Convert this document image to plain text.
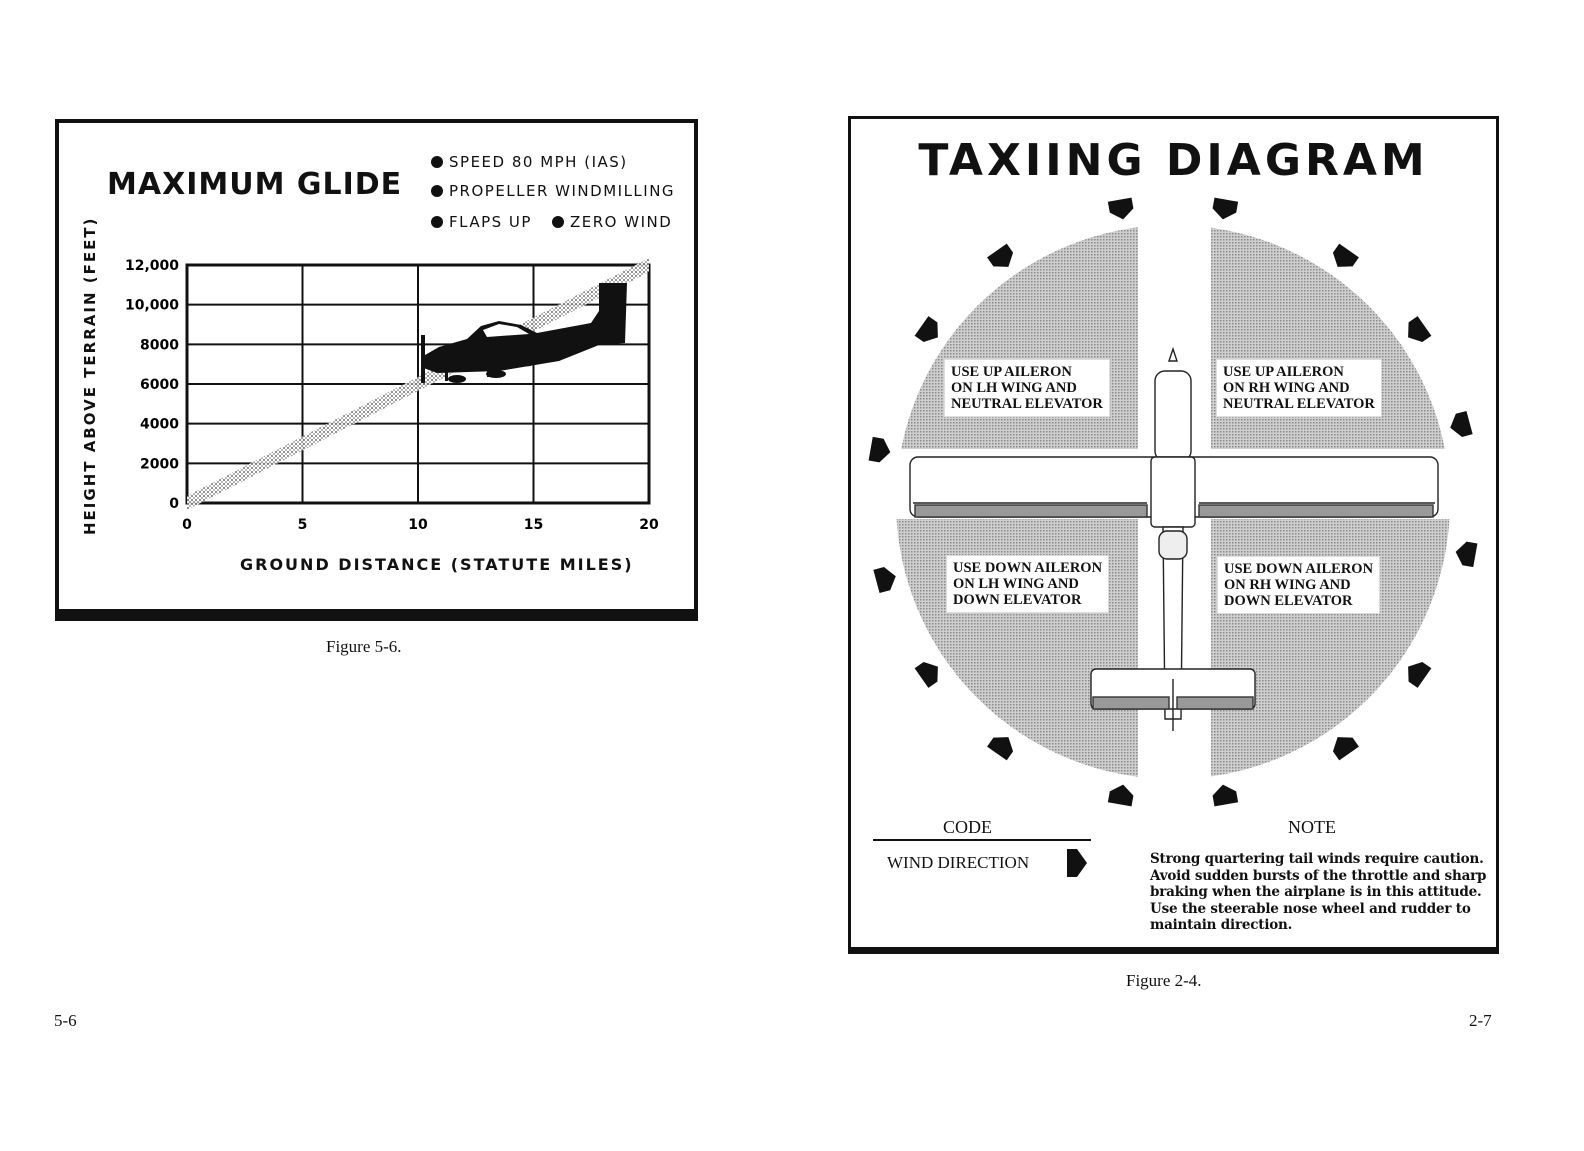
MAXIMUM GLIDE
SPEED 80 MPH (IAS)
PROPELLER WINDMILLING
FLAPS UP	ZERO WIND
12,000
10,000
8000
6000
4000
2000
0
0	5	10	15	20
HEIGHT ABOVE TERRAIN (FEET)
GROUND DISTANCE (STATUTE MILES)
Figure 5-6.
5-6
TAXIING DIAGRAM
USE UP AILERON
ON LH WING AND
NEUTRAL ELEVATOR
USE UP AILERON
ON RH WING AND
NEUTRAL ELEVATOR
USE DOWN AILERON
ON LH WING AND
DOWN ELEVATOR
USE DOWN AILERON
ON RH WING AND
DOWN ELEVATOR
CODE
WIND DIRECTION
NOTE
Strong quartering tail winds require caution. Avoid sudden bursts of the throttle and sharp braking when the airplane is in this attitude. Use the steerable nose wheel and rudder to maintain direction.
Figure 2-4.
2-7
